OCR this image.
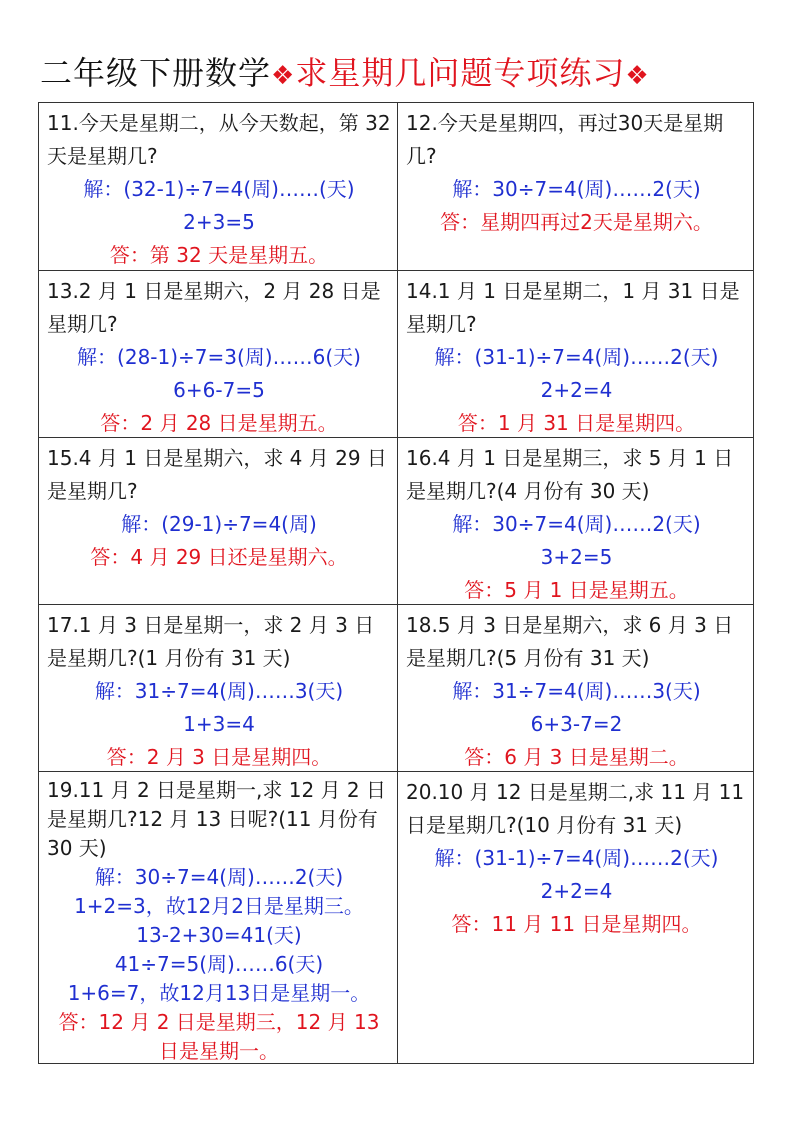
二年级下册数学❖求星期几问题专项练习❖

11.今天是星期二，从今天数起，第 32 天是星期几?

解：(32-1)÷7=4(周)……(天)

2+3=5

答：第 32 天是星期五。

12.今天是星期四，再过30天是星期几?

解：30÷7=4(周)……2(天)

答：星期四再过2天是星期六。

13.2 月 1 日是星期六，2 月 28 日是星期几?

解：(28-1)÷7=3(周)……6(天)

6+6-7=5

答：2 月 28 日是星期五。

14.1 月 1 日是星期二，1 月 31 日是星期几?

解：(31-1)÷7=4(周)……2(天)

2+2=4

答：1 月 31 日是星期四。

15.4 月 1 日是星期六，求 4 月 29 日是星期几?

解：(29-1)÷7=4(周)

答：4 月 29 日还是星期六。

16.4 月 1 日是星期三，求 5 月 1 日是星期几?(4 月份有 30 天)

解：30÷7=4(周)……2(天)

3+2=5

答：5 月 1 日是星期五。

17.1 月 3 日是星期一，求 2 月 3 日是星期几?(1 月份有 31 天)

解：31÷7=4(周)……3(天)

1+3=4

答：2 月 3 日是星期四。

18.5 月 3 日是星期六，求 6 月 3 日是星期几?(5 月份有 31 天)

解：31÷7=4(周)……3(天)

6+3-7=2

答：6 月 3 日是星期二。

19.11 月 2 日是星期一,求 12 月 2 日是星期几?12 月 13 日呢?(11 月份有 30 天)

解：30÷7=4(周)……2(天)

1+2=3，故12月2日是星期三。

13-2+30=41(天)

41÷7=5(周)……6(天)

1+6=7，故12月13日是星期一。

答：12 月 2 日是星期三，12 月 13 日是星期一。

20.10 月 12 日是星期二,求 11 月 11 日是星期几?(10 月份有 31 天)

解：(31-1)÷7=4(周)……2(天)

2+2=4

答：11 月 11 日是星期四。
